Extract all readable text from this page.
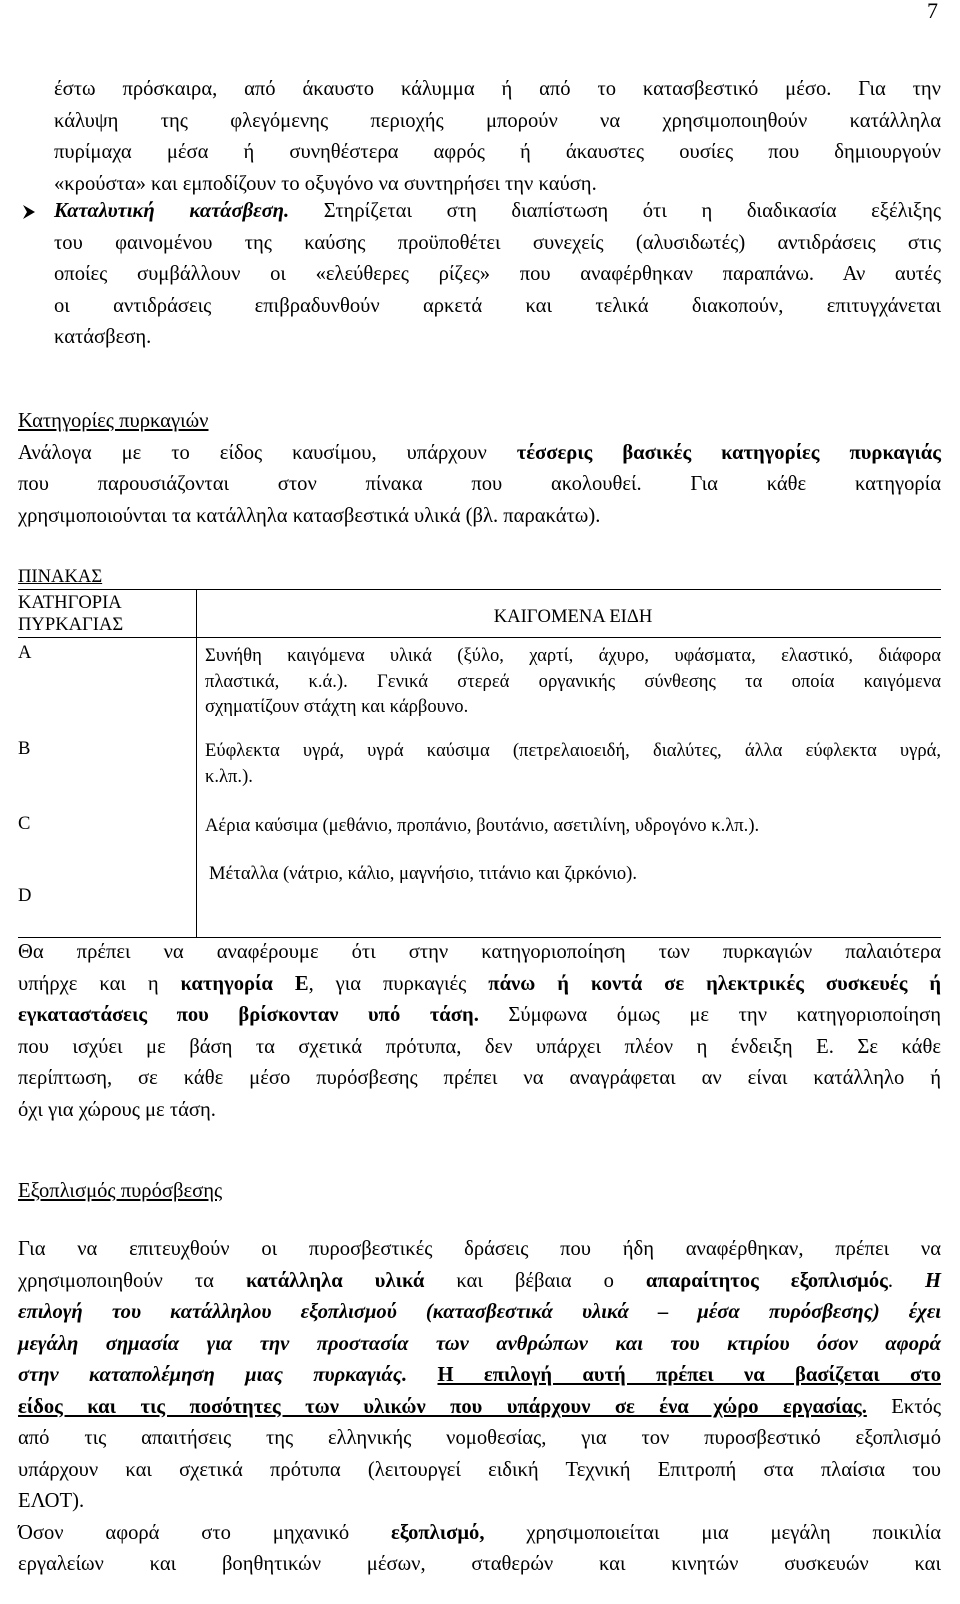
7
έστω πρόσκαιρα, από άκαυστο κάλυμμα ή από το κατασβεστικό μέσο. Για την
κάλυψη της φλεγόμενης περιοχής μπορούν να χρησιμοποιηθούν κατάλληλα
πυρίμαχα μέσα ή συνηθέστερα αφρός ή άκαυστες ουσίες που δημιουργούν
«κρούστα» και εμποδίζουν το οξυγόνο να συντηρήσει την καύση.
Καταλυτική κατάσβεση. Στηρίζεται στη διαπίστωση ότι η διαδικασία εξέλιξης
του φαινομένου της καύσης προϋποθέτει συνεχείς (αλυσιδωτές) αντιδράσεις στις
οποίες συμβάλλουν οι «ελεύθερες ρίζες» που αναφέρθηκαν παραπάνω. Αν αυτές
οι αντιδράσεις επιβραδυνθούν αρκετά και τελικά διακοπούν, επιτυγχάνεται
κατάσβεση.
Κατηγορίες πυρκαγιών
Ανάλογα με το είδος καυσίμου, υπάρχουν τέσσερις βασικές κατηγορίες πυρκαγιάς
που παρουσιάζονται στον πίνακα που ακολουθεί. Για κάθε κατηγορία
χρησιμοποιούνται τα κατάλληλα κατασβεστικά υλικά (βλ. παρακάτω).
ΠΙΝΑΚΑΣ
ΚΑΤΗΓΟΡΙΑ
ΠΥΡΚΑΓΙΑΣ	ΚΑΙΓΟΜΕΝΑ ΕΙΔΗ
A	Συνήθη καιγόμενα υλικά (ξύλο, χαρτί, άχυρο, υφάσματα, ελαστικό, διάφορα
πλαστικά, κ.ά.). Γενικά στερεά οργανικής σύνθεσης τα οποία καιγόμενα
σχηματίζουν στάχτη και κάρβουνο.

B	Εύφλεκτα υγρά, υγρά καύσιμα (πετρελαιοειδή, διαλύτες, άλλα εύφλεκτα υγρά,
κ.λπ.).

C	Αέρια καύσιμα (μεθάνιο, προπάνιο, βουτάνιο, ασετιλίνη, υδρογόνο κ.λπ.).

D	Μέταλλα (νάτριο, κάλιο, μαγνήσιο, τιτάνιο και ζιρκόνιο).
Θα πρέπει να αναφέρουμε ότι στην κατηγοριοποίηση των πυρκαγιών παλαιότερα
υπήρχε και η κατηγορία Ε, για πυρκαγιές πάνω ή κοντά σε ηλεκτρικές συσκευές ή
εγκαταστάσεις που βρίσκονταν υπό τάση. Σύμφωνα όμως με την κατηγοριοποίηση
που ισχύει με βάση τα σχετικά πρότυπα, δεν υπάρχει πλέον η ένδειξη Ε. Σε κάθε
περίπτωση, σε κάθε μέσο πυρόσβεσης πρέπει να αναγράφεται αν είναι κατάλληλο ή
όχι για χώρους με τάση.
Εξοπλισμός πυρόσβεσης
Για να επιτευχθούν οι πυροσβεστικές δράσεις που ήδη αναφέρθηκαν, πρέπει να
χρησιμοποιηθούν τα κατάλληλα υλικά και βέβαια ο απαραίτητος εξοπλισμός. Η
επιλογή του κατάλληλου εξοπλισμού (κατασβεστικά υλικά – μέσα πυρόσβεσης) έχει
μεγάλη σημασία για την προστασία των ανθρώπων και του κτιρίου όσον αφορά
στην καταπολέμηση μιας πυρκαγιάς. Η επιλογή αυτή πρέπει να βασίζεται στο
είδος και τις ποσότητες των υλικών που υπάρχουν σε ένα χώρο εργασίας. Εκτός
από τις απαιτήσεις της ελληνικής νομοθεσίας, για τον πυροσβεστικό εξοπλισμό
υπάρχουν και σχετικά πρότυπα (λειτουργεί ειδική Τεχνική Επιτροπή στα πλαίσια του
ΕΛΟΤ).
Όσον αφορά στο μηχανικό εξοπλισμό, χρησιμοποιείται μια μεγάλη ποικιλία
εργαλείων και βοηθητικών μέσων, σταθερών και κινητών συσκευών και
